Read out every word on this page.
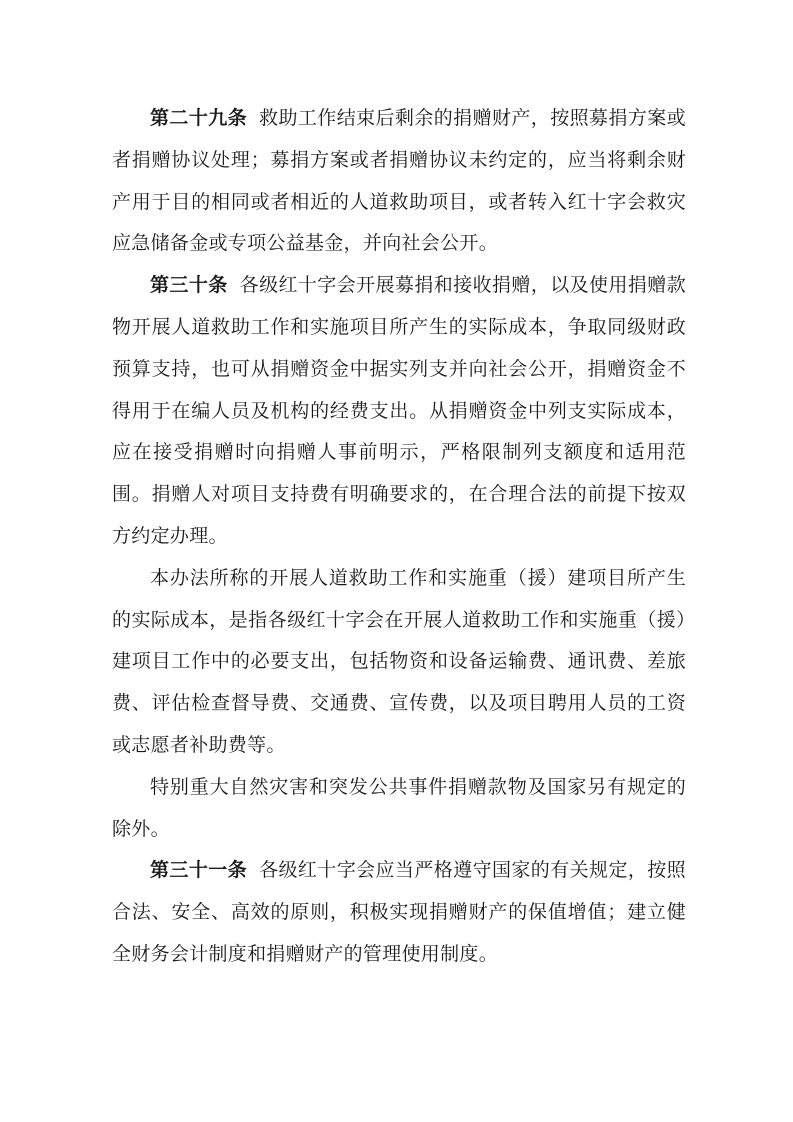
第二十九条 救助工作结束后剩余的捐赠财产，按照募捐方案或者捐赠协议处理；募捐方案或者捐赠协议未约定的，应当将剩余财产用于目的相同或者相近的人道救助项目，或者转入红十字会救灾应急储备金或专项公益基金，并向社会公开。

第三十条 各级红十字会开展募捐和接收捐赠，以及使用捐赠款物开展人道救助工作和实施项目所产生的实际成本，争取同级财政预算支持，也可从捐赠资金中据实列支并向社会公开，捐赠资金不得用于在编人员及机构的经费支出。从捐赠资金中列支实际成本，应在接受捐赠时向捐赠人事前明示，严格限制列支额度和适用范围。捐赠人对项目支持费有明确要求的，在合理合法的前提下按双方约定办理。

本办法所称的开展人道救助工作和实施重（援）建项目所产生的实际成本，是指各级红十字会在开展人道救助工作和实施重（援）建项目工作中的必要支出，包括物资和设备运输费、通讯费、差旅费、评估检查督导费、交通费、宣传费，以及项目聘用人员的工资或志愿者补助费等。

特别重大自然灾害和突发公共事件捐赠款物及国家另有规定的除外。

第三十一条 各级红十字会应当严格遵守国家的有关规定，按照合法、安全、高效的原则，积极实现捐赠财产的保值增值；建立健全财务会计制度和捐赠财产的管理使用制度。
